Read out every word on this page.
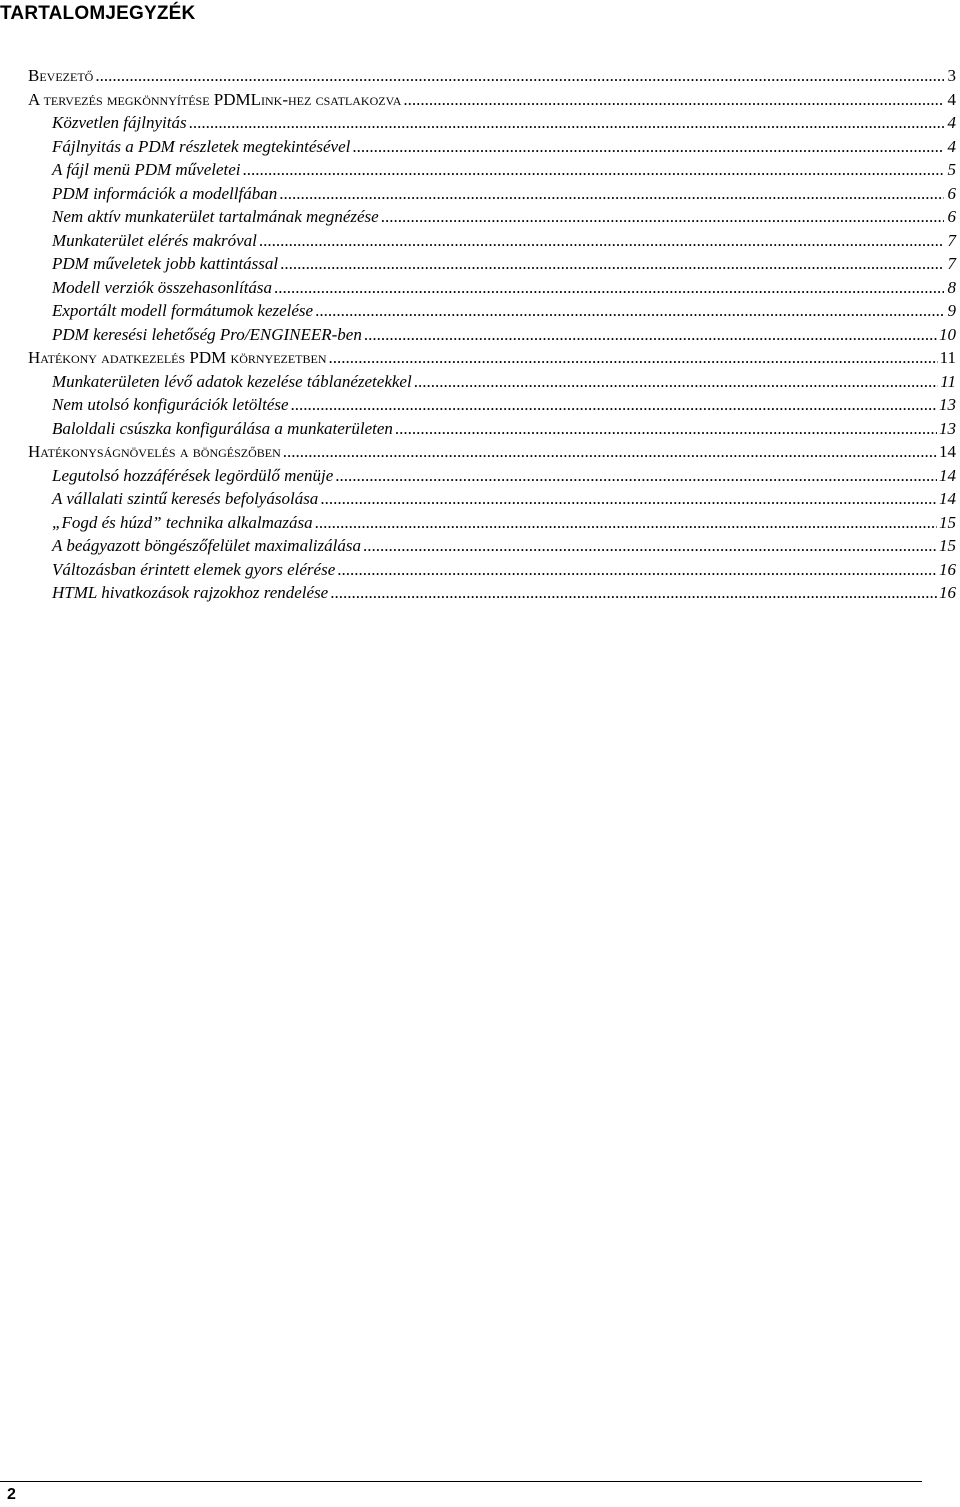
TARTALOMJEGYZÉK
Bevezető .....	3
A tervezés megkönnyítése PDMLink-hez csatlakozva .....	4
Közvetlen fájlnyitás .....	4
Fájlnyitás a PDM részletek megtekintésével .....	4
A fájl menü PDM műveletei .....	5
PDM információk a modellfában .....	6
Nem aktív munkaterület tartalmának megnézése .....	6
Munkaterület elérés makróval .....	7
PDM műveletek jobb kattintással .....	7
Modell verziók összehasonlítása .....	8
Exportált modell formátumok kezelése .....	9
PDM keresési lehetőség Pro/ENGINEER-ben .....	10
Hatékony adatkezelés PDM környezetben .....	11
Munkaterületen lévő adatok kezelése táblanézetekkel .....	11
Nem utolsó konfigurációk letöltése .....	13
Baloldali csúszka konfigurálása a munkaterületen .....	13
Hatékonyságnövelés a böngészőben .....	14
Legutolsó hozzáférések legördülő menüje .....	14
A vállalati szintű keresés befolyásolása .....	14
„Fogd és húzd” technika alkalmazása .....	15
A beágyazott böngészőfelület maximalizálása .....	15
Változásban érintett elemek gyors elérése .....	16
HTML hivatkozások rajzokhoz rendelése .....	16
2
